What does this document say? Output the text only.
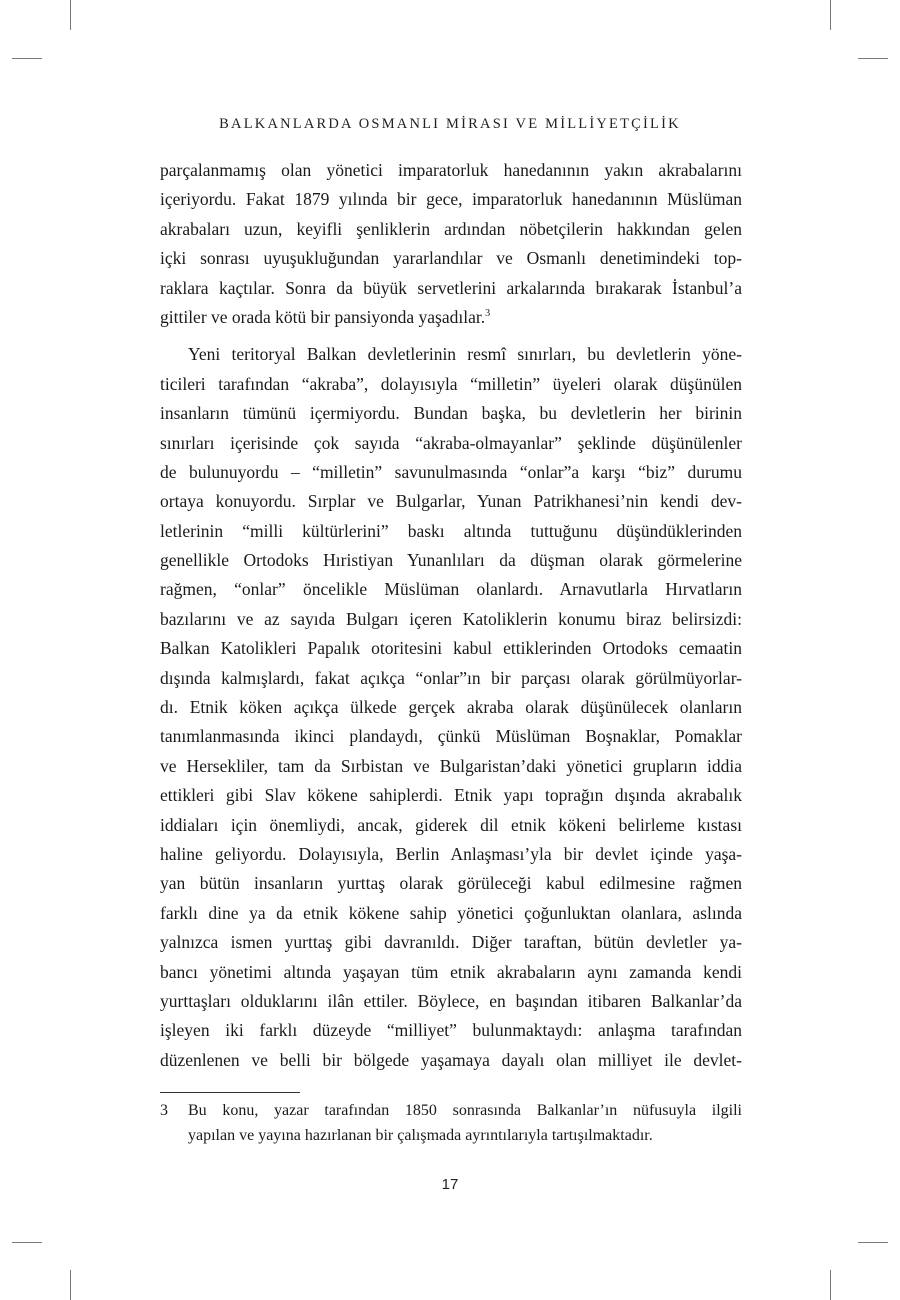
BALKANLARDA OSMANLI MİRASI VE MİLLİYETÇİLİK
parçalanmamış olan yönetici imparatorluk hanedanının yakın akrabalarını
içeriyordu. Fakat 1879 yılında bir gece, imparatorluk hanedanının Müslüman
akrabaları uzun, keyifli şenliklerin ardından nöbetçilerin hakkından gelen
içki sonrası uyuşukluğundan yararlandılar ve Osmanlı denetimindeki top-
raklara kaçtılar. Sonra da büyük servetlerini arkalarında bırakarak İstanbul’a
gittiler ve orada kötü bir pansiyonda yaşadılar.$^3$
Yeni teritoryal Balkan devletlerinin resmî sınırları, bu devletlerin yöne-
ticileri tarafından “akraba”, dolayısıyla “milletin” üyeleri olarak düşünülen
insanların tümünü içermiyordu. Bundan başka, bu devletlerin her birinin
sınırları içerisinde çok sayıda “akraba-olmayanlar” şeklinde düşünülenler
de bulunuyordu – “milletin” savunulmasında “onlar”a karşı “biz” durumu
ortaya konuyordu. Sırplar ve Bulgarlar, Yunan Patrikhanesi’nin kendi dev-
letlerinin “milli kültürlerini” baskı altında tuttuğunu düşündüklerinden
genellikle Ortodoks Hıristiyan Yunanlıları da düşman olarak görmelerine
rağmen, “onlar” öncelikle Müslüman olanlardı. Arnavutlarla Hırvatların
bazılarını ve az sayıda Bulgarı içeren Katoliklerin konumu biraz belirsizdi:
Balkan Katolikleri Papalık otoritesini kabul ettiklerinden Ortodoks cemaatin
dışında kalmışlardı, fakat açıkça “onlar”ın bir parçası olarak görülmüyorlar-
dı. Etnik köken açıkça ülkede gerçek akraba olarak düşünülecek olanların
tanımlanmasında ikinci plandaydı, çünkü Müslüman Boşnaklar, Pomaklar
ve Hersekliler, tam da Sırbistan ve Bulgaristan’daki yönetici grupların iddia
ettikleri gibi Slav kökene sahiplerdi. Etnik yapı toprağın dışında akrabalık
iddiaları için önemliydi, ancak, giderek dil etnik kökeni belirleme kıstası
haline geliyordu. Dolayısıyla, Berlin Anlaşması’yla bir devlet içinde yaşa-
yan bütün insanların yurttaş olarak görüleceği kabul edilmesine rağmen
farklı dine ya da etnik kökene sahip yönetici çoğunluktan olanlara, aslında
yalnızca ismen yurttaş gibi davranıldı. Diğer taraftan, bütün devletler ya-
bancı yönetimi altında yaşayan tüm etnik akrabaların aynı zamanda kendi
yurttaşları olduklarını ilân ettiler. Böylece, en başından itibaren Balkanlar’da
işleyen iki farklı düzeyde “milliyet” bulunmaktaydı: anlaşma tarafından
düzenlenen ve belli bir bölgede yaşamaya dayalı olan milliyet ile devlet-
3 Bu konu, yazar tarafından 1850 sonrasında Balkanlar’ın nüfusuyla ilgili
yapılan ve yayına hazırlanan bir çalışmada ayrıntılarıyla tartışılmaktadır.
17
